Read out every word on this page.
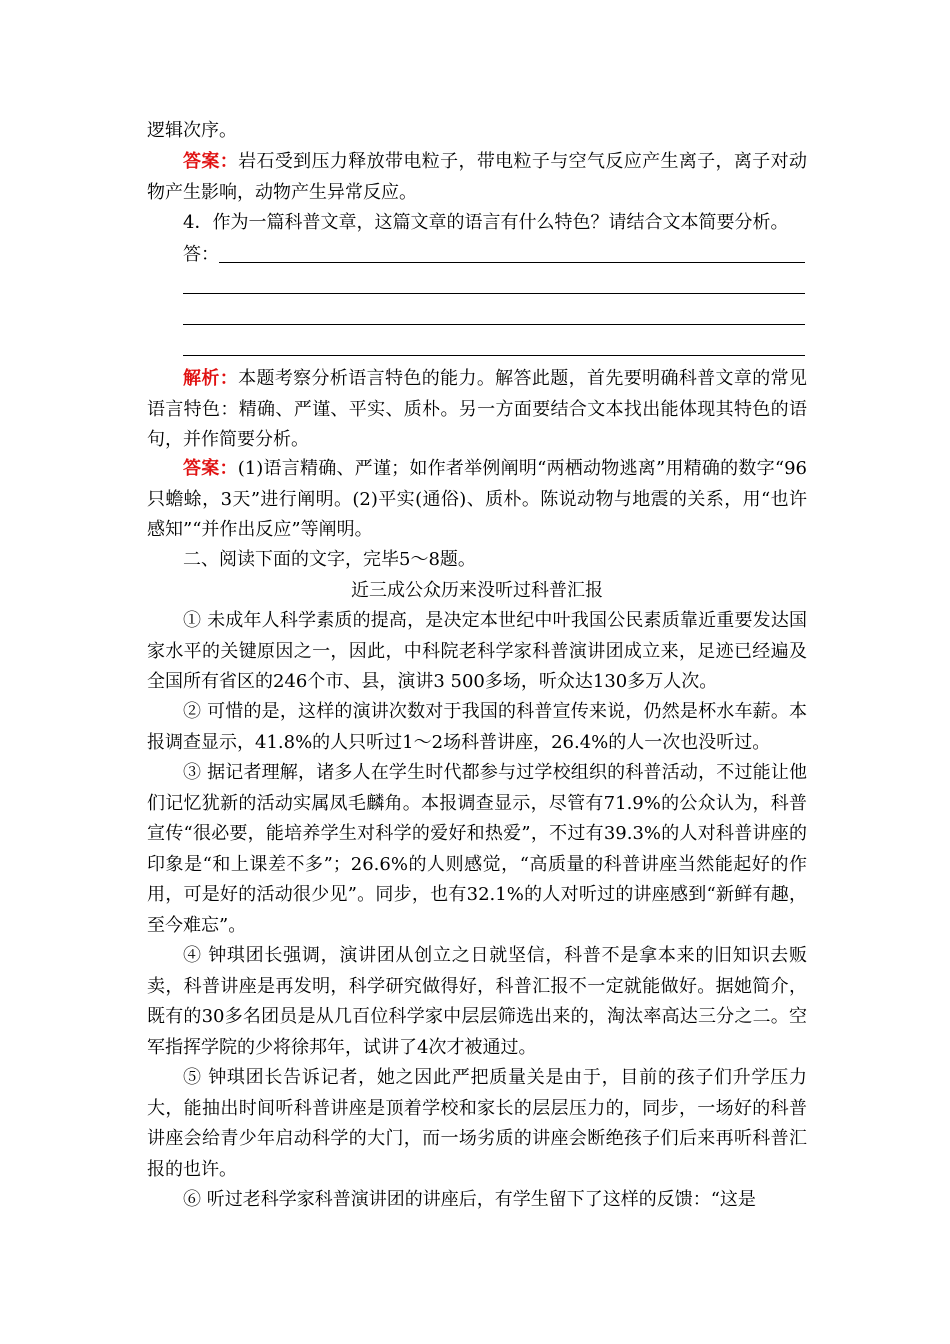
逻辑次序。

答案：岩石受到压力释放带电粒子，带电粒子与空气反应产生离子，离子对动物产生影响，动物产生异常反应。

4．作为一篇科普文章，这篇文章的语言有什么特色？请结合文本简要分析。

答：

解析：本题考察分析语言特色的能力。解答此题，首先要明确科普文章的常见语言特色：精确、严谨、平实、质朴。另一方面要结合文本找出能体现其特色的语句，并作简要分析。

答案：(1)语言精确、严谨；如作者举例阐明“两栖动物逃离”用精确的数字“96只蟾蜍，3天”进行阐明。(2)平实(通俗)、质朴。陈说动物与地震的关系，用“也许感知”“并作出反应”等阐明。

二、阅读下面的文字，完毕5～8题。

近三成公众历来没听过科普汇报

① 未成年人科学素质的提高，是决定本世纪中叶我国公民素质靠近重要发达国家水平的关键原因之一，因此，中科院老科学家科普演讲团成立来，足迹已经遍及全国所有省区的246个市、县，演讲3 500多场，听众达130多万人次。

② 可惜的是，这样的演讲次数对于我国的科普宣传来说，仍然是杯水车薪。本报调查显示，41.8%的人只听过1～2场科普讲座，26.4%的人一次也没听过。

③ 据记者理解，诸多人在学生时代都参与过学校组织的科普活动，不过能让他们记忆犹新的活动实属凤毛麟角。本报调查显示，尽管有71.9%的公众认为，科普宣传“很必要，能培养学生对科学的爱好和热爱”，不过有39.3%的人对科普讲座的印象是“和上课差不多”；26.6%的人则感觉，“高质量的科普讲座当然能起好的作用，可是好的活动很少见”。同步，也有32.1%的人对听过的讲座感到“新鲜有趣，至今难忘”。

④ 钟琪团长强调，演讲团从创立之日就坚信，科普不是拿本来的旧知识去贩卖，科普讲座是再发明，科学研究做得好，科普汇报不一定就能做好。据她简介，既有的30多名团员是从几百位科学家中层层筛选出来的，淘汰率高达三分之二。空军指挥学院的少将徐邦年，试讲了4次才被通过。

⑤ 钟琪团长告诉记者，她之因此严把质量关是由于，目前的孩子们升学压力大，能抽出时间听科普讲座是顶着学校和家长的层层压力的，同步，一场好的科普讲座会给青少年启动科学的大门，而一场劣质的讲座会断绝孩子们后来再听科普汇报的也许。

⑥ 听过老科学家科普演讲团的讲座后，有学生留下了这样的反馈：“这是
